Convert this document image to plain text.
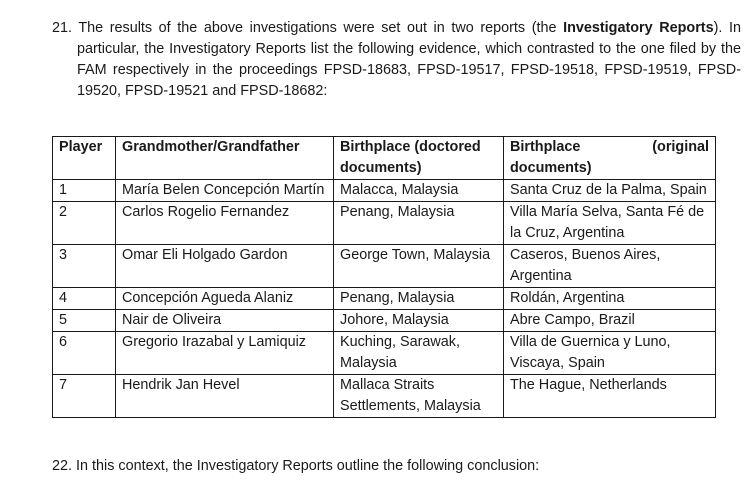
21. The results of the above investigations were set out in two reports (the Investigatory Reports). In particular, the Investigatory Reports list the following evidence, which contrasted to the one filed by the FAM respectively in the proceedings FPSD-18683, FPSD-19517, FPSD-19518, FPSD-19519, FPSD-19520, FPSD-19521 and FPSD-18682:

Player	Grandmother/Grandfather	Birthplace (doctored documents)	Birthplace (original
documents)

1	María Belen Concepción Martín	Malacca, Malaysia	Santa Cruz de la Palma, Spain
2	Carlos Rogelio Fernandez	Penang, Malaysia	Villa María Selva, Santa Fé de la Cruz, Argentina
3	Omar Eli Holgado Gardon	George Town, Malaysia	Caseros, Buenos Aires, Argentina
4	Concepción Agueda Alaniz	Penang, Malaysia	Roldán, Argentina
5	Nair de Oliveira	Johore, Malaysia	Abre Campo, Brazil
6	Gregorio Irazabal y Lamiquiz	Kuching, Sarawak, Malaysia	Villa de Guernica y Luno, Viscaya, Spain
7	Hendrik Jan Hevel	Mallaca Straits Settlements, Malaysia	The Hague, Netherlands

22. In this context, the Investigatory Reports outline the following conclusion:
